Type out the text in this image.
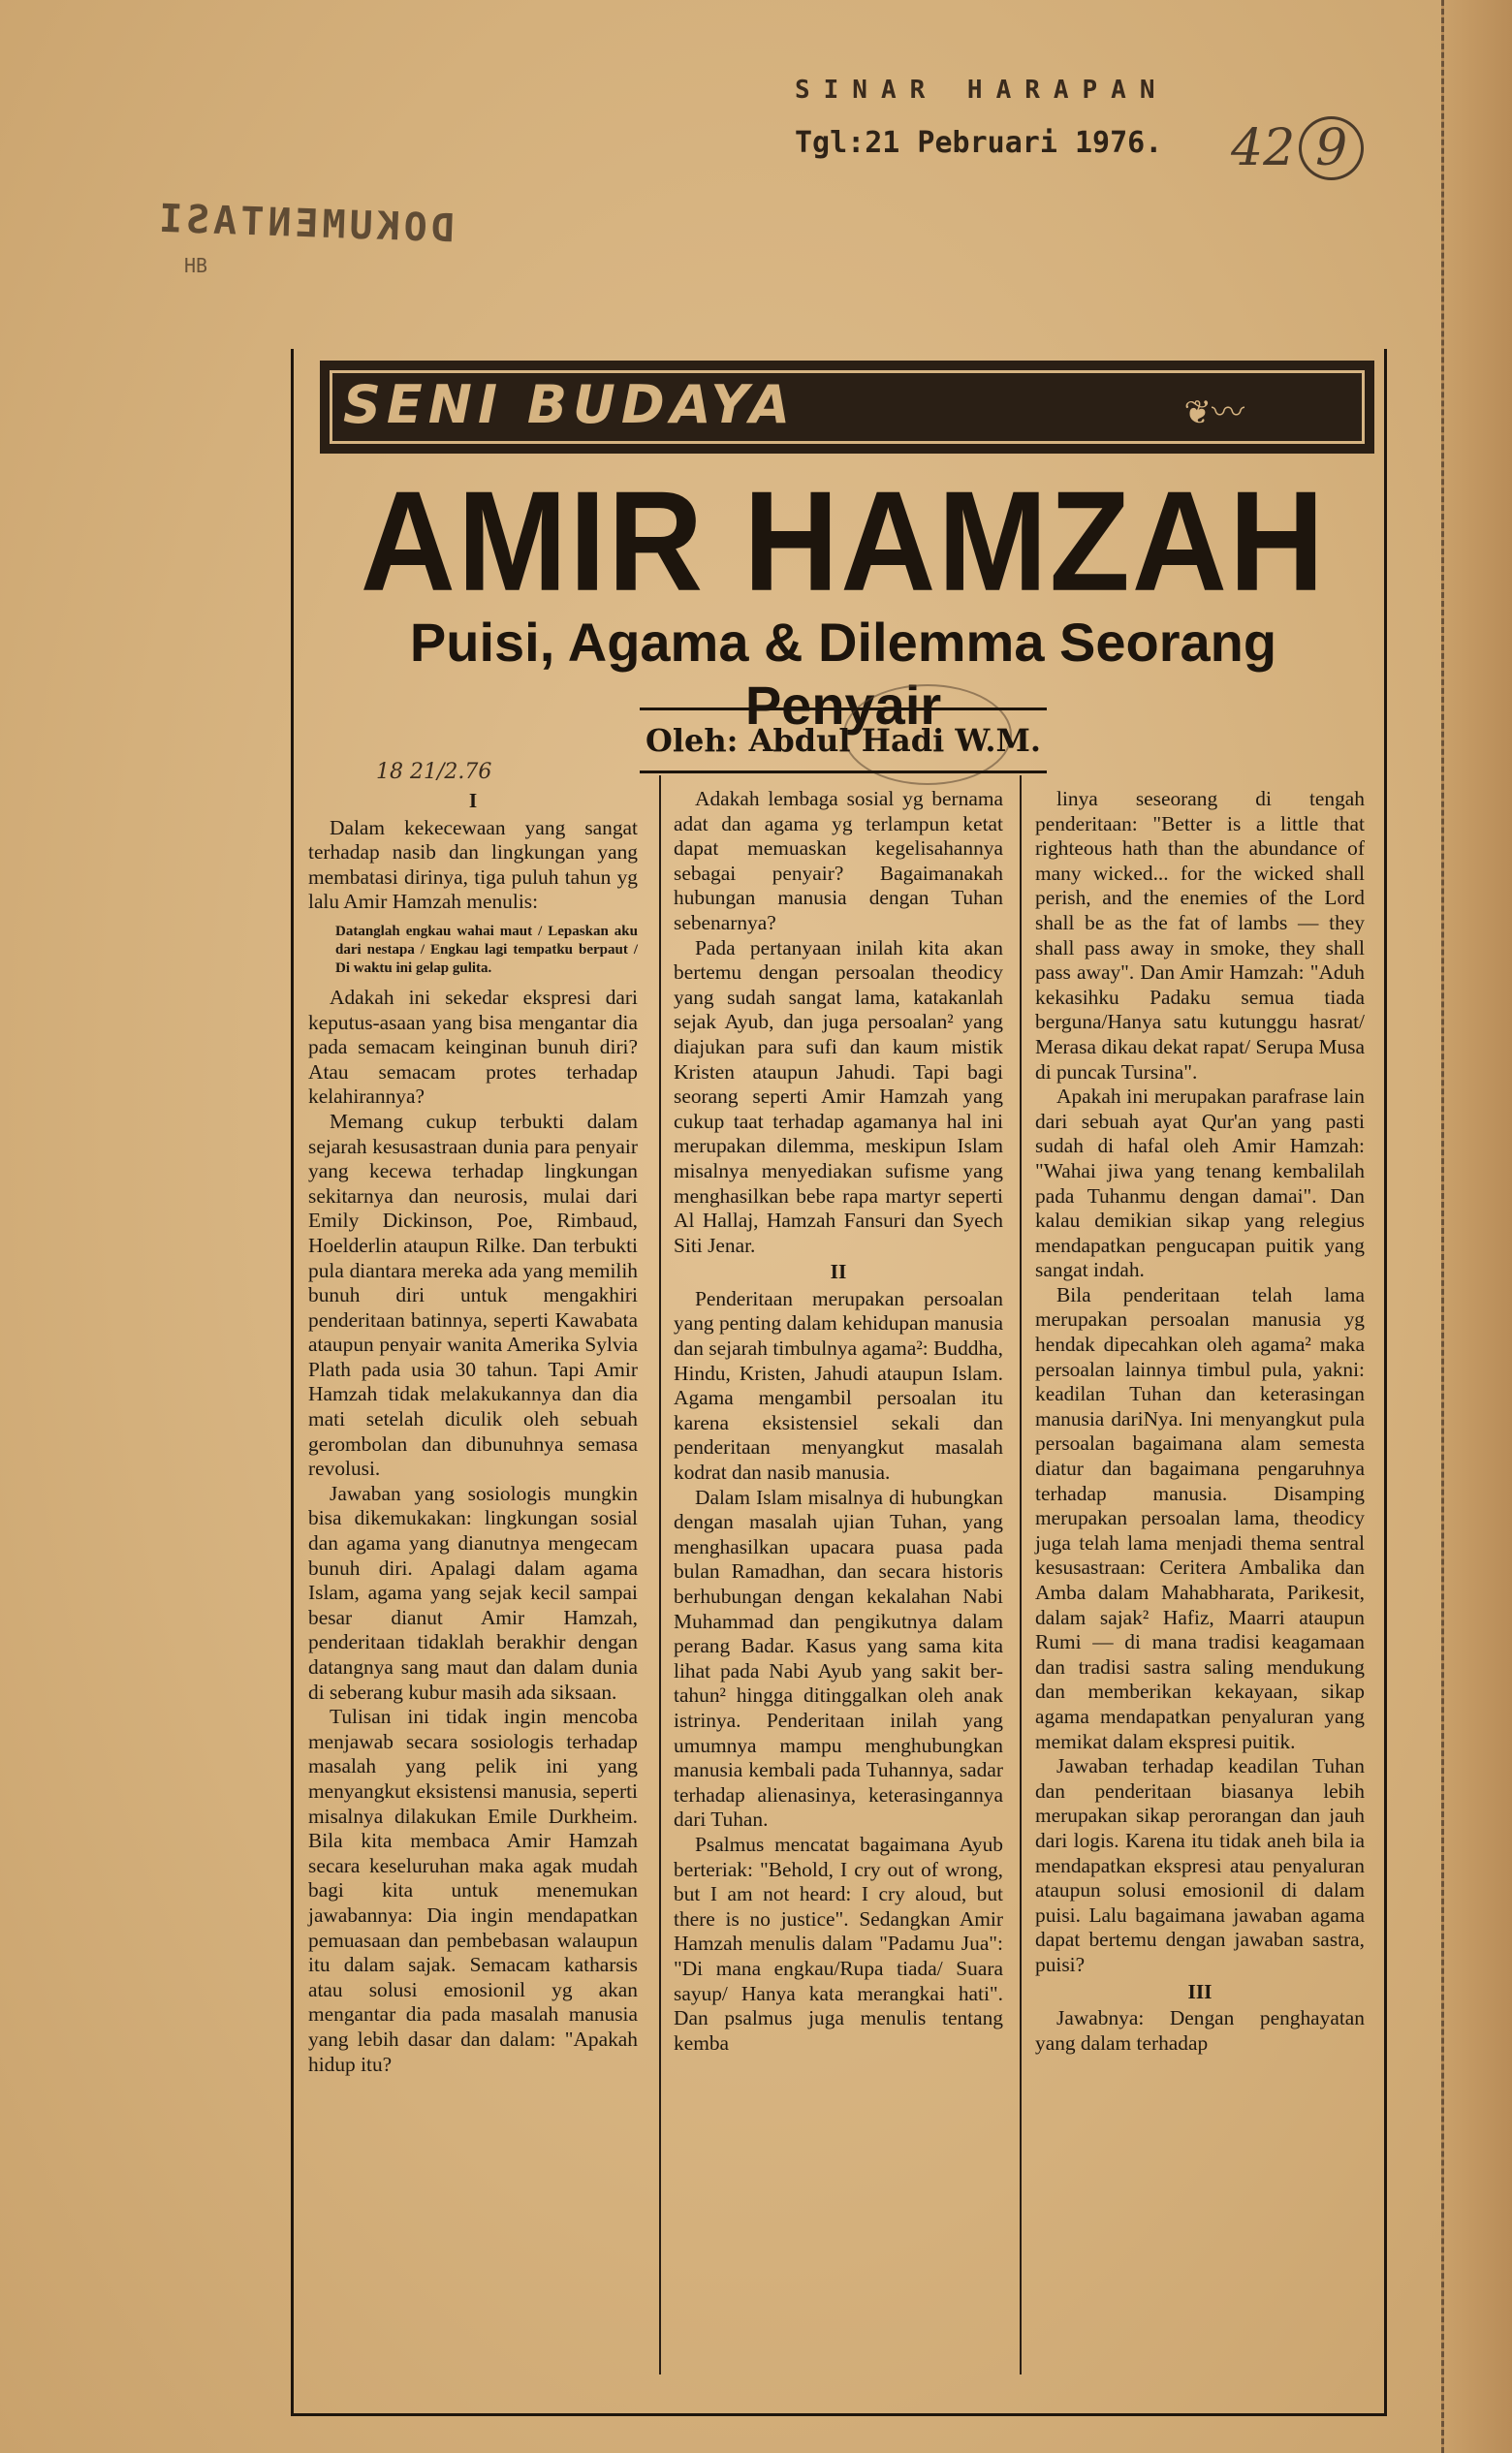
SINAR HARAPAN
Tgl:21 Pebruari 1976. 42 9
DOKUMENTASI
HB
SENI BUDAYA	❦〰
AMIR HAMZAH
Puisi, Agama & Dilemma Seorang Penyair
Oleh: Abdul Hadi W.M.
18 21/2.76

I

Dalam kekecewaan yang sangat terhadap nasib dan lingkungan yang membatasi dirinya, tiga puluh tahun yg lalu Amir Hamzah menulis:

Datanglah engkau wahai maut / Lepaskan aku dari nestapa / Engkau lagi tempatku berpaut / Di waktu ini gelap gulita.

Adakah ini sekedar ekspresi dari keputus-asaan yang bisa mengantar dia pada semacam keinginan bunuh diri? Atau semacam protes terhadap kelahirannya?

Memang cukup terbukti dalam sejarah kesusastraan dunia para penyair yang kecewa terhadap lingkungan sekitarnya dan neurosis, mulai dari Emily Dickinson, Poe, Rimbaud, Hoelderlin ataupun Rilke. Dan terbukti pula diantara mereka ada yang memilih bunuh diri untuk mengakhiri penderitaan batinnya, seperti Kawabata ataupun penyair wanita Amerika Sylvia Plath pada usia 30 tahun. Tapi Amir Hamzah tidak melakukannya dan dia mati setelah diculik oleh sebuah gerombolan dan dibunuhnya semasa revolusi.

Jawaban yang sosiologis mungkin bisa dikemukakan: lingkungan sosial dan agama yang dianutnya mengecam bunuh diri. Apalagi dalam agama Islam, agama yang sejak kecil sampai besar dianut Amir Hamzah, penderitaan tidaklah berakhir dengan datangnya sang maut dan dalam dunia di seberang kubur masih ada siksaan.

Tulisan ini tidak ingin mencoba menjawab secara sosiologis terhadap masalah yang pelik ini yang menyangkut eksistensi manusia, seperti misalnya dilakukan Emile Durkheim. Bila kita membaca Amir Hamzah secara keseluruhan maka agak mudah bagi kita untuk menemukan jawabannya: Dia ingin mendapatkan pemuasaan dan pembebasan walaupun itu dalam sajak. Semacam katharsis atau solusi emosionil yg akan mengantar dia pada masalah manusia yang lebih dasar dan dalam: "Apakah hidup itu?

Adakah lembaga sosial yg bernama adat dan agama yg terlampun ketat dapat memuaskan kegelisahannya sebagai penyair? Bagaimanakah hubungan manusia dengan Tuhan sebenarnya?

Pada pertanyaan inilah kita akan bertemu dengan persoalan theodicy yang sudah sangat lama, katakanlah sejak Ayub, dan juga persoalan² yang diajukan para sufi dan kaum mistik Kristen ataupun Jahudi. Tapi bagi seorang seperti Amir Hamzah yang cukup taat terhadap agamanya hal ini merupakan dilemma, meskipun Islam misalnya menyediakan sufisme yang menghasilkan bebe rapa martyr seperti Al Hallaj, Hamzah Fansuri dan Syech Siti Jenar.

II

Penderitaan merupakan persoalan yang penting dalam kehidupan manusia dan sejarah timbulnya agama²: Buddha, Hindu, Kristen, Jahudi ataupun Islam. Agama mengambil persoalan itu karena eksistensiel sekali dan penderitaan menyangkut masalah kodrat dan nasib manusia.

Dalam Islam misalnya di hubungkan dengan masalah ujian Tuhan, yang menghasilkan upacara puasa pada bulan Ramadhan, dan secara historis berhubungan dengan kekalahan Nabi Muhammad dan pengikutnya dalam perang Badar. Kasus yang sama kita lihat pada Nabi Ayub yang sakit ber-tahun² hingga ditinggalkan oleh anak istrinya. Penderitaan inilah yang umumnya mampu menghubungkan manusia kembali pada Tuhannya, sadar terhadap alienasinya, keterasingannya dari Tuhan.

Psalmus mencatat bagaimana Ayub berteriak: "Behold, I cry out of wrong, but I am not heard: I cry aloud, but there is no justice". Sedangkan Amir Hamzah menulis dalam "Padamu Jua": "Di mana engkau/Rupa tiada/ Suara sayup/ Hanya kata merangkai hati". Dan psalmus juga menulis tentang kemba

linya seseorang di tengah penderitaan: "Better is a little that righteous hath than the abundance of many wicked... for the wicked shall perish, and the enemies of the Lord shall be as the fat of lambs — they shall pass away in smoke, they shall pass away". Dan Amir Hamzah: "Aduh kekasihku Padaku semua tiada berguna/Hanya satu kutunggu hasrat/ Merasa dikau dekat rapat/ Serupa Musa di puncak Tursina".

Apakah ini merupakan parafrase lain dari sebuah ayat Qur'an yang pasti sudah di hafal oleh Amir Hamzah: "Wahai jiwa yang tenang kembalilah pada Tuhanmu dengan damai". Dan kalau demikian sikap yang relegius mendapatkan pengucapan puitik yang sangat indah.

Bila penderitaan telah lama merupakan persoalan manusia yg hendak dipecahkan oleh agama² maka persoalan lainnya timbul pula, yakni: keadilan Tuhan dan keterasingan manusia dariNya. Ini menyangkut pula persoalan bagaimana alam semesta diatur dan bagaimana pengaruhnya terhadap manusia. Disamping merupakan persoalan lama, theodicy juga telah lama menjadi thema sentral kesusastraan: Ceritera Ambalika dan Amba dalam Mahabharata, Parikesit, dalam sajak² Hafiz, Maarri ataupun Rumi — di mana tradisi keagamaan dan tradisi sastra saling mendukung dan memberikan kekayaan, sikap agama mendapatkan penyaluran yang memikat dalam ekspresi puitik.

Jawaban terhadap keadilan Tuhan dan penderitaan biasanya lebih merupakan sikap perorangan dan jauh dari logis. Karena itu tidak aneh bila ia mendapatkan ekspresi atau penyaluran ataupun solusi emosionil di dalam puisi. Lalu bagaimana jawaban agama dapat bertemu dengan jawaban sastra, puisi?

III

Jawabnya: Dengan penghayatan yang dalam terhadap
